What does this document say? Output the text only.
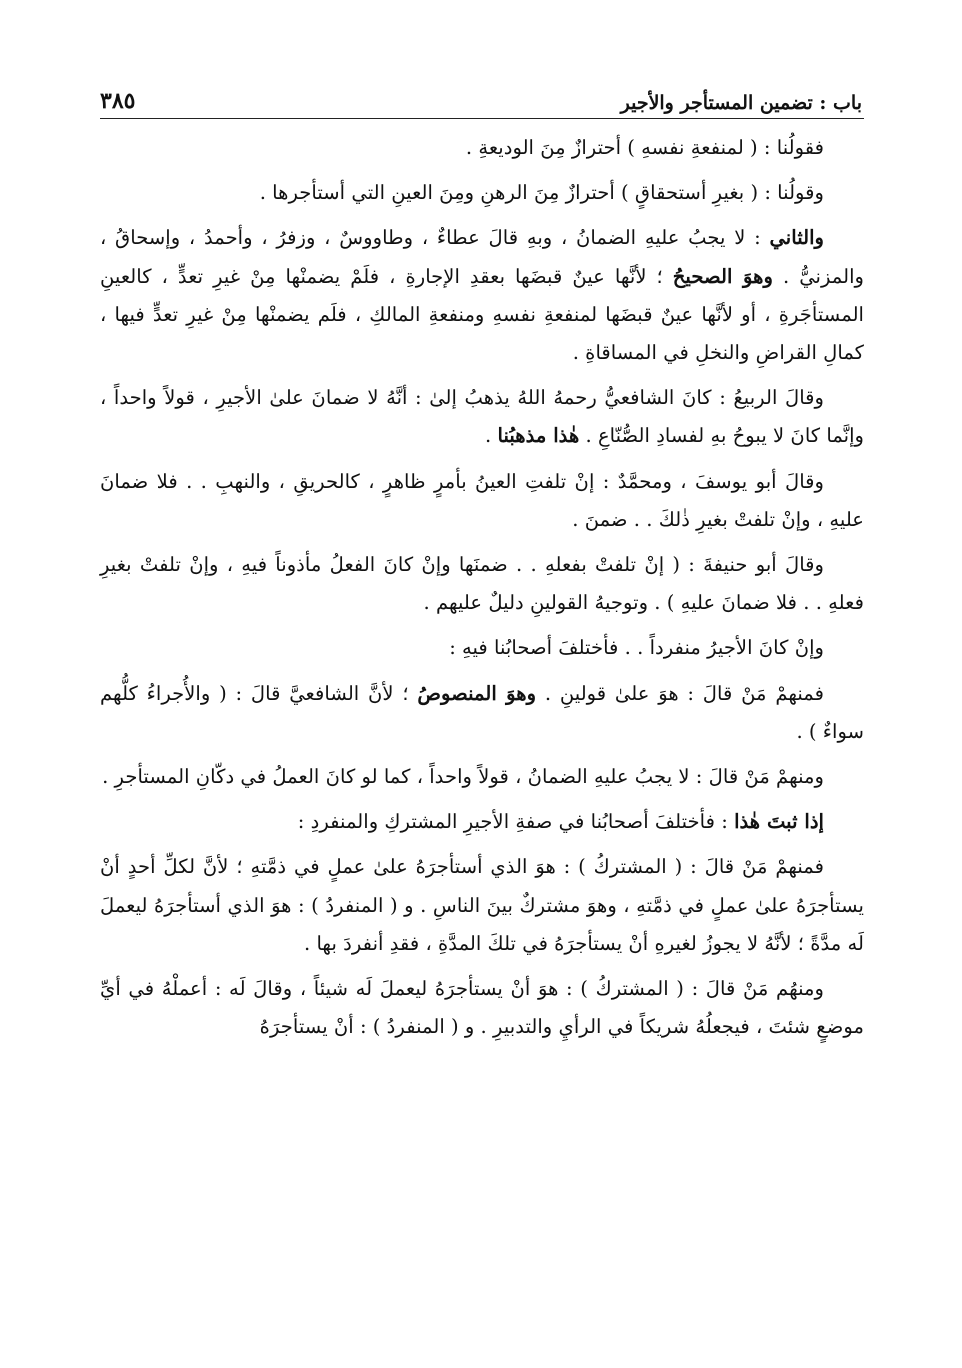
باب : تضمين المستأجر والأجير
٣٨٥

فقولُنا : ( لمنفعةِ نفسهِ ) أحترازٌ مِنَ الوديعةِ .

وقولُنا : ( بغيرِ أستحقاقٍ ) أحترازٌ مِنَ الرهنِ ومِنَ العينِ التي أستأجرها .

والثاني : لا يجبُ عليهِ الضمانُ ، وبهِ قالَ عطاءٌ ، وطاووسٌ ، وزفرُ ، وأحمدُ ، وإسحاقُ ، والمزنيُّ . وهوَ الصحيحُ ؛ لأنَّها عينٌ قبضَها بعقدِ الإجارةِ ، فلَمْ يضمنْها مِنْ غيرِ تعدٍّ ، كالعينِ المستأجَرةِ ، أو لأنَّها عينٌ قبضَها لمنفعةِ نفسهِ ومنفعةِ المالكِ ، فلَم يضمنْها مِنْ غيرِ تعدٍّ فيها ، كمالِ القراضِ والنخلِ في المساقاةِ .

وقالَ الربيعُ : كانَ الشافعيُّ رحمهُ اللهُ يذهبُ إلىٰ : أنَّهُ لا ضمانَ علىٰ الأجيرِ ، قولاً واحداً ، وإنَّما كانَ لا يبوحُ بهِ لفسادِ الصُّنّاعِ . هٰذا مذهبُنا .

وقالَ أبو يوسفَ ، ومحمَّدٌ : إنْ تلفتِ العينُ بأمرٍ ظاهرٍ ، كالحريقِ ، والنهبِ . . فلا ضمانَ عليهِ ، وإنْ تلفتْ بغيرِ ذٰلكَ . . ضمنَ .

وقالَ أبو حنيفةَ : ( إنْ تلفتْ بفعلهِ . . ضمنَها وإنْ كانَ الفعلُ مأذوناً فيهِ ، وإنْ تلفتْ بغيرِ فعلهِ . . فلا ضمانَ عليهِ ) . وتوجيهُ القولينِ دليلٌ عليهم .

وإنْ كانَ الأجيرُ منفرداً . . فأختلفَ أصحابُنا فيهِ :

فمنهمْ مَنْ قالَ : هوَ علىٰ قولينِ . وهوَ المنصوصُ ؛ لأنَّ الشافعيَّ قالَ : ( والأُجراءُ كلُّهم سواءٌ ) .

ومنهمْ مَنْ قالَ : لا يجبُ عليهِ الضمانُ ، قولاً واحداً ، كما لو كانَ العملُ في دكّانِ المستأجرِ .

إذا ثبتَ هٰذا : فأختلفَ أصحابُنا في صفةِ الأجيرِ المشتركِ والمنفردِ :

فمنهمْ مَنْ قالَ : ( المشتركُ ) : هوَ الذي أستأجرَهُ علىٰ عملٍ في ذمَّتهِ ؛ لأنَّ لكلِّ أحدٍ أنْ يستأجرَهُ علىٰ عملٍ في ذمَّتهِ ، وهوَ مشتركٌ بينَ الناسِ . و ( المنفردُ ) : هوَ الذي أستأجرَهُ ليعملَ لَه مدَّةً ؛ لأنَّهُ لا يجوزُ لغيرهِ أنْ يستأجرَهُ في تلكَ المدَّةِ ، فقدِ أنفردَ بها .

ومنهُم مَنْ قالَ : ( المشتركُ ) : هوَ أنْ يستأجرَهُ ليعملَ لَه شيئاً ، وقالَ لَه : أعملْهُ في أيِّ موضعٍ شئتَ ، فيجعلُهُ شريكاً في الرأيِ والتدبيرِ . و ( المنفردُ ) : أنْ يستأجرَهُ
